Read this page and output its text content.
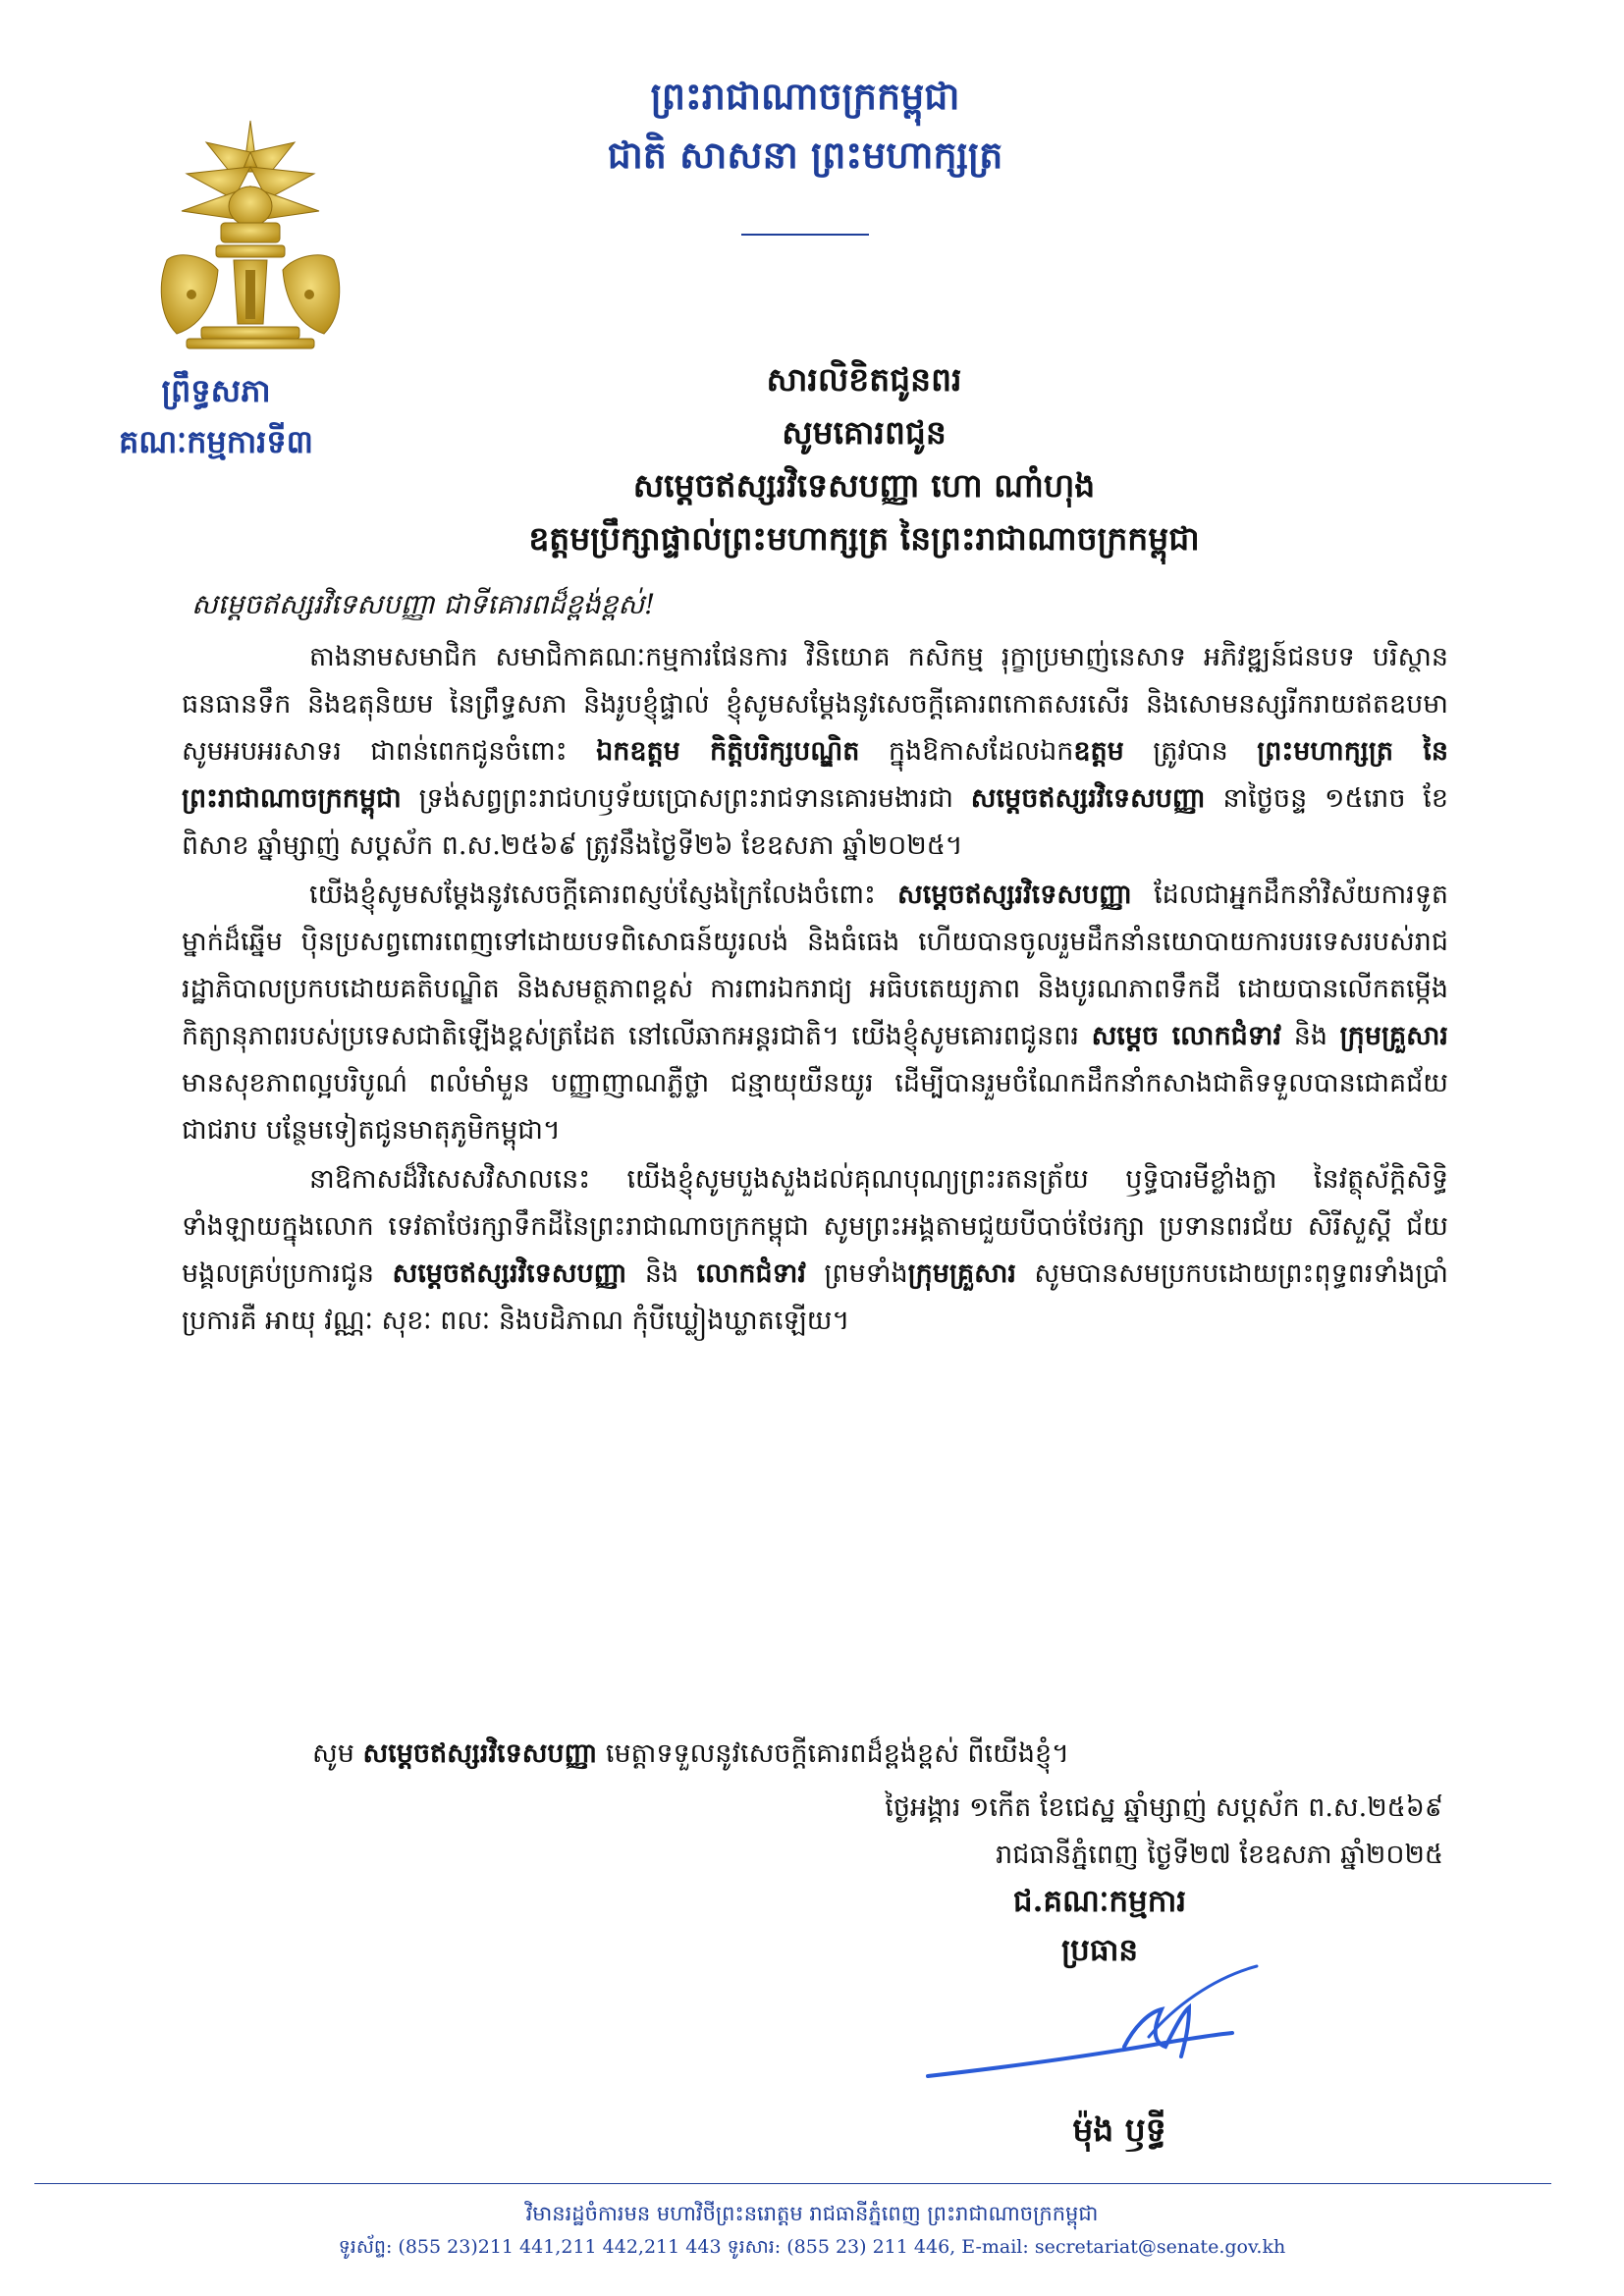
ព្រះរាជាណាចក្រកម្ពុជា
ជាតិ សាសនា ព្រះមហាក្សត្រ
ព្រឹទ្ធសភា
គណៈកម្មការទី៣
សារលិខិតជូនពរ
សូមគោរពជូន
សម្ដេចឥស្សរវិទេសបញ្ញា ហោ ណាំហុង
ឧត្តមប្រឹក្សាផ្ទាល់ព្រះមហាក្សត្រ នៃព្រះរាជាណាចក្រកម្ពុជា
សម្ដេចឥស្សរវិទេសបញ្ញា ជាទីគោរពដ៏ខ្ពង់ខ្ពស់!

តាងនាមសមាជិក សមាជិកាគណៈកម្មការផែនការ វិនិយោគ កសិកម្ម រុក្ខាប្រមាញ់នេសាទ អភិវឌ្ឍន៍ជនបទ បរិស្ថាន ធនធានទឹក និងឧតុនិយម នៃព្រឹទ្ធសភា និងរូបខ្ញុំផ្ទាល់ ខ្ញុំសូមសម្ដែងនូវសេចក្ដីគោរពកោតសរសើរ និងសោមនស្សរីករាយឥតឧបមា សូមអបអរសាទរ ជាពន់ពេកជូនចំពោះ ឯកឧត្តម កិត្តិបរិក្សបណ្ឌិត ក្នុងឱកាសដែលឯកឧត្តម ត្រូវបាន ព្រះមហាក្សត្រ នៃព្រះរាជាណាចក្រកម្ពុជា ទ្រង់សព្វព្រះរាជហឫទ័យប្រោសព្រះរាជទានគោរមងារជា សម្ដេចឥស្សរវិទេសបញ្ញា នាថ្ងៃចន្ទ ១៥រោច ខែពិសាខ ឆ្នាំម្សាញ់ សប្តស័ក ព.ស.២៥៦៩ ត្រូវនឹងថ្ងៃទី២៦ ខែឧសភា ឆ្នាំ២០២៥។

យើងខ្ញុំសូមសម្ដែងនូវសេចក្ដីគោរពស្ញប់ស្ញែងក្រៃលែងចំពោះ សម្ដេចឥស្សរវិទេសបញ្ញា ដែលជាអ្នកដឹកនាំវិស័យការទូតម្នាក់ដ៏ឆ្នើម ប៉ិនប្រសព្វពោរពេញទៅដោយបទពិសោធន៍យូរលង់ និងធំធេង ហើយបានចូលរួមដឹកនាំនយោបាយការបរទេសរបស់រាជរដ្ឋាភិបាលប្រកបដោយគតិបណ្ឌិត និងសមត្ថភាពខ្ពស់ ការពារឯករាជ្យ អធិបតេយ្យភាព និងបូរណភាពទឹកដី ដោយបានលើកតម្កើងកិត្យានុភាពរបស់ប្រទេសជាតិឡើងខ្ពស់ត្រដែត នៅលើឆាកអន្តរជាតិ។ យើងខ្ញុំសូមគោរពជូនពរ សម្ដេច លោកជំទាវ និង ក្រុមគ្រួសារ មានសុខភាពល្អបរិបូណ៌ ពលំមាំមួន បញ្ញាញាណភ្លឺថ្លា ជន្មាយុយឺនយូរ ដើម្បីបានរួមចំណែកដឹកនាំកសាងជាតិទទួលបានជោគជ័យជាជរាប បន្ថែមទៀតជូនមាតុភូមិកម្ពុជា។

នាឱកាសដ៏វិសេសវិសាលនេះ យើងខ្ញុំសូមបួងសួងដល់គុណបុណ្យព្រះរតនត្រ័យ ឫទ្ធិបារមីខ្លាំងក្លា នៃវត្ថុស័ក្តិសិទ្ធិទាំងឡាយក្នុងលោក ទេវតាថែរក្សាទឹកដីនៃព្រះរាជាណាចក្រកម្ពុជា សូមព្រះអង្គតាមជួយបីបាច់ថែរក្សា ប្រទានពរជ័យ សិរីសួស្តី ជ័យមង្គលគ្រប់ប្រការជូន សម្ដេចឥស្សរវិទេសបញ្ញា និង លោកជំទាវ ព្រមទាំងក្រុមគ្រួសារ សូមបានសមប្រកបដោយព្រះពុទ្ធពរទាំងប្រាំប្រការគឺ អាយុ វណ្ណៈ សុខៈ ពលៈ និងបដិភាណ កុំបីឃ្លៀងឃ្លាតឡើយ។

សូម សម្ដេចឥស្សរវិទេសបញ្ញា មេត្តាទទួលនូវសេចក្ដីគោរពដ៏ខ្ពង់ខ្ពស់ ពីយើងខ្ញុំ។
ថ្ងៃអង្គារ ១កើត ខែជេស្ឋ ឆ្នាំម្សាញ់ សប្តស័ក ព.ស.២៥៦៩
រាជធានីភ្នំពេញ ថ្ងៃទី២៧ ខែឧសភា ឆ្នាំ២០២៥
ជ.គណៈកម្មការ
ប្រធាន
ម៉ុង ឫទ្ធី
វិមានរដ្ឋចំការមន មហាវិថីព្រះនរោត្តម រាជធានីភ្នំពេញ ព្រះរាជាណាចក្រកម្ពុជា
ទូរស័ព្ទ: (855 23)211 441,211 442,211 443 ទូរសារ: (855 23) 211 446, E-mail: secretariat@senate.gov.kh
